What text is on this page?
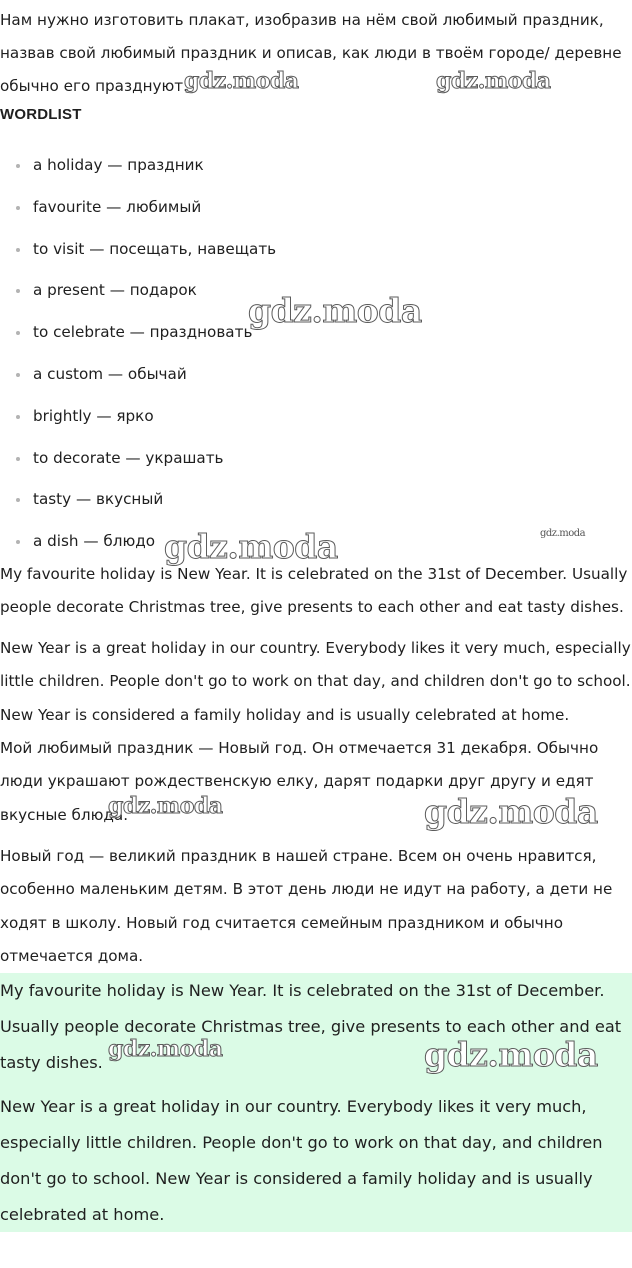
Нам нужно изготовить плакат, изобразив на нём свой любимый праздник, назвав свой любимый праздник и описав, как люди в твоём городе/ деревне обычно его празднуют.

WORDLIST
a holiday — праздник
favourite — любимый
to visit — посещать, навещать
a present — подарок
to celebrate — праздновать
a custom — обычай
brightly — ярко
to decorate — украшать
tasty — вкусный
a dish — блюдо

My favourite holiday is New Year. It is celebrated on the 31st of December. Usually people decorate Christmas tree, give presents to each other and eat tasty dishes.

New Year is a great holiday in our country. Everybody likes it very much, especially little children. People don't go to work on that day, and children don't go to school.

New Year is considered a family holiday and is usually celebrated at home.

Мой любимый праздник — Новый год. Он отмечается 31 декабря. Обычно люди украшают рождественскую елку, дарят подарки друг другу и едят вкусные блюда.

Новый год — великий праздник в нашей стране. Всем он очень нравится, особенно маленьким детям. В этот день люди не идут на работу, а дети не ходят в школу. Новый год считается семейным праздником и обычно отмечается дома.

My favourite holiday is New Year. It is celebrated on the 31st of December. Usually people decorate Christmas tree, give presents to each other and eat tasty dishes.

New Year is a great holiday in our country. Everybody likes it very much, especially little children. People don't go to work on that day, and children don't go to school. New Year is considered a family holiday and is usually celebrated at home.

gdz.moda	gdz.moda
gdz.moda
gdz.moda
gdz.moda
gdz.moda	gdz.moda
gdz.moda	gdz.moda
